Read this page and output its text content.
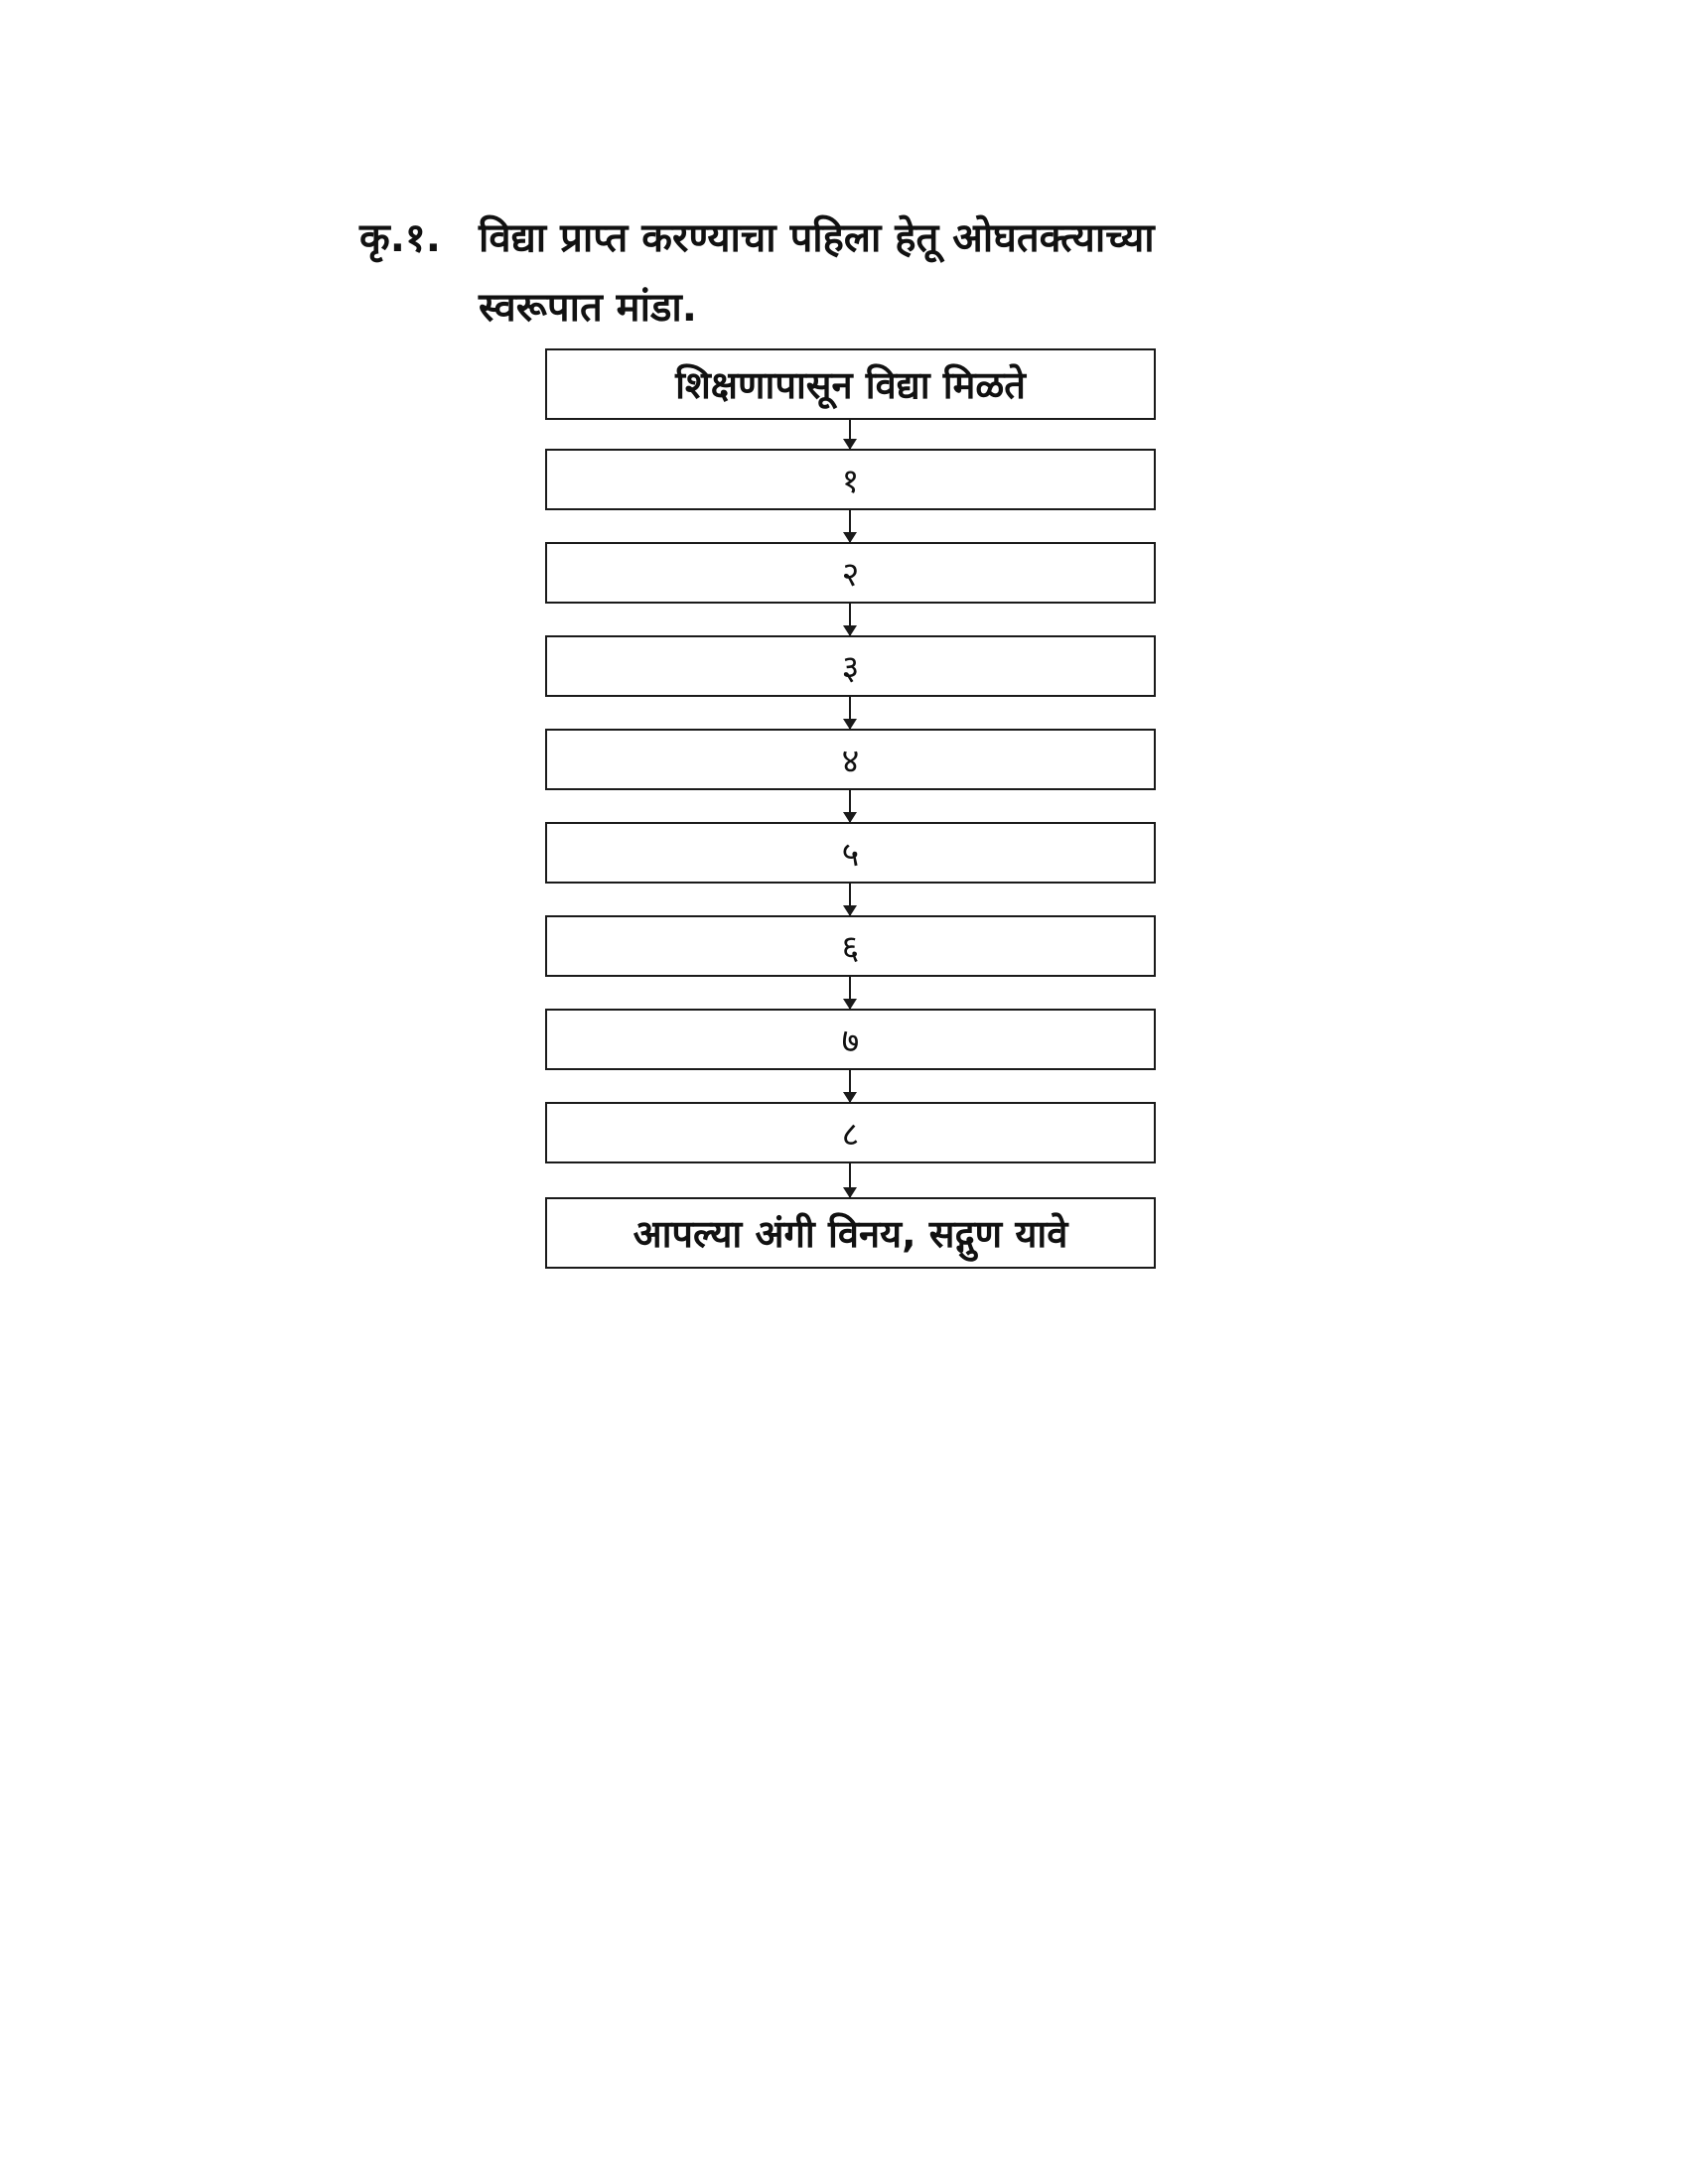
कृ.१. विद्या प्राप्त करण्याचा पहिला हेतू ओघतक्त्याच्या
स्वरूपात मांडा.
शिक्षणापासून विद्या मिळते
१
२
३
४
५
६
७
८
आपल्या अंगी विनय, सद्गुण यावे
